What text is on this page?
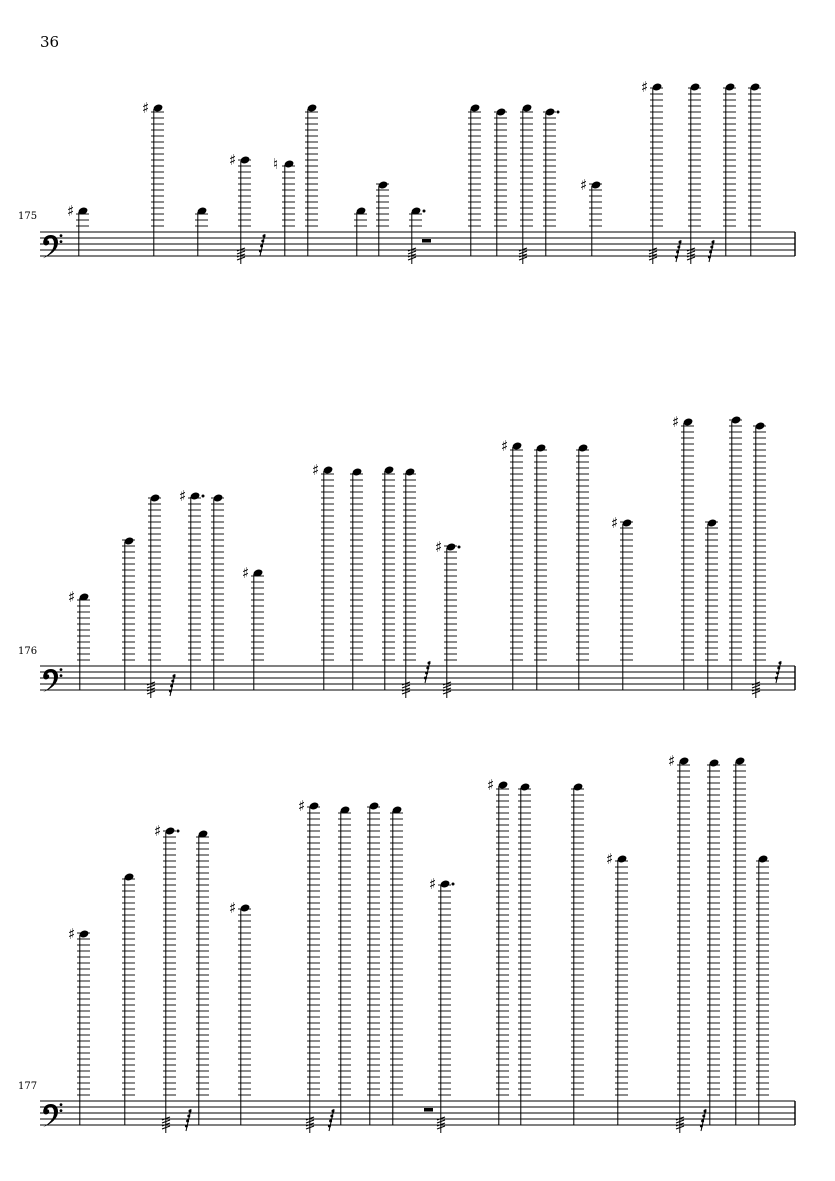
36
175 ♯
♯
♯ ♮
♯
♯
176
♯
♯
♯
♯
♯
♯
♯
♯
177
♯
♯
♯
♯
♯
♯
♯
♯
